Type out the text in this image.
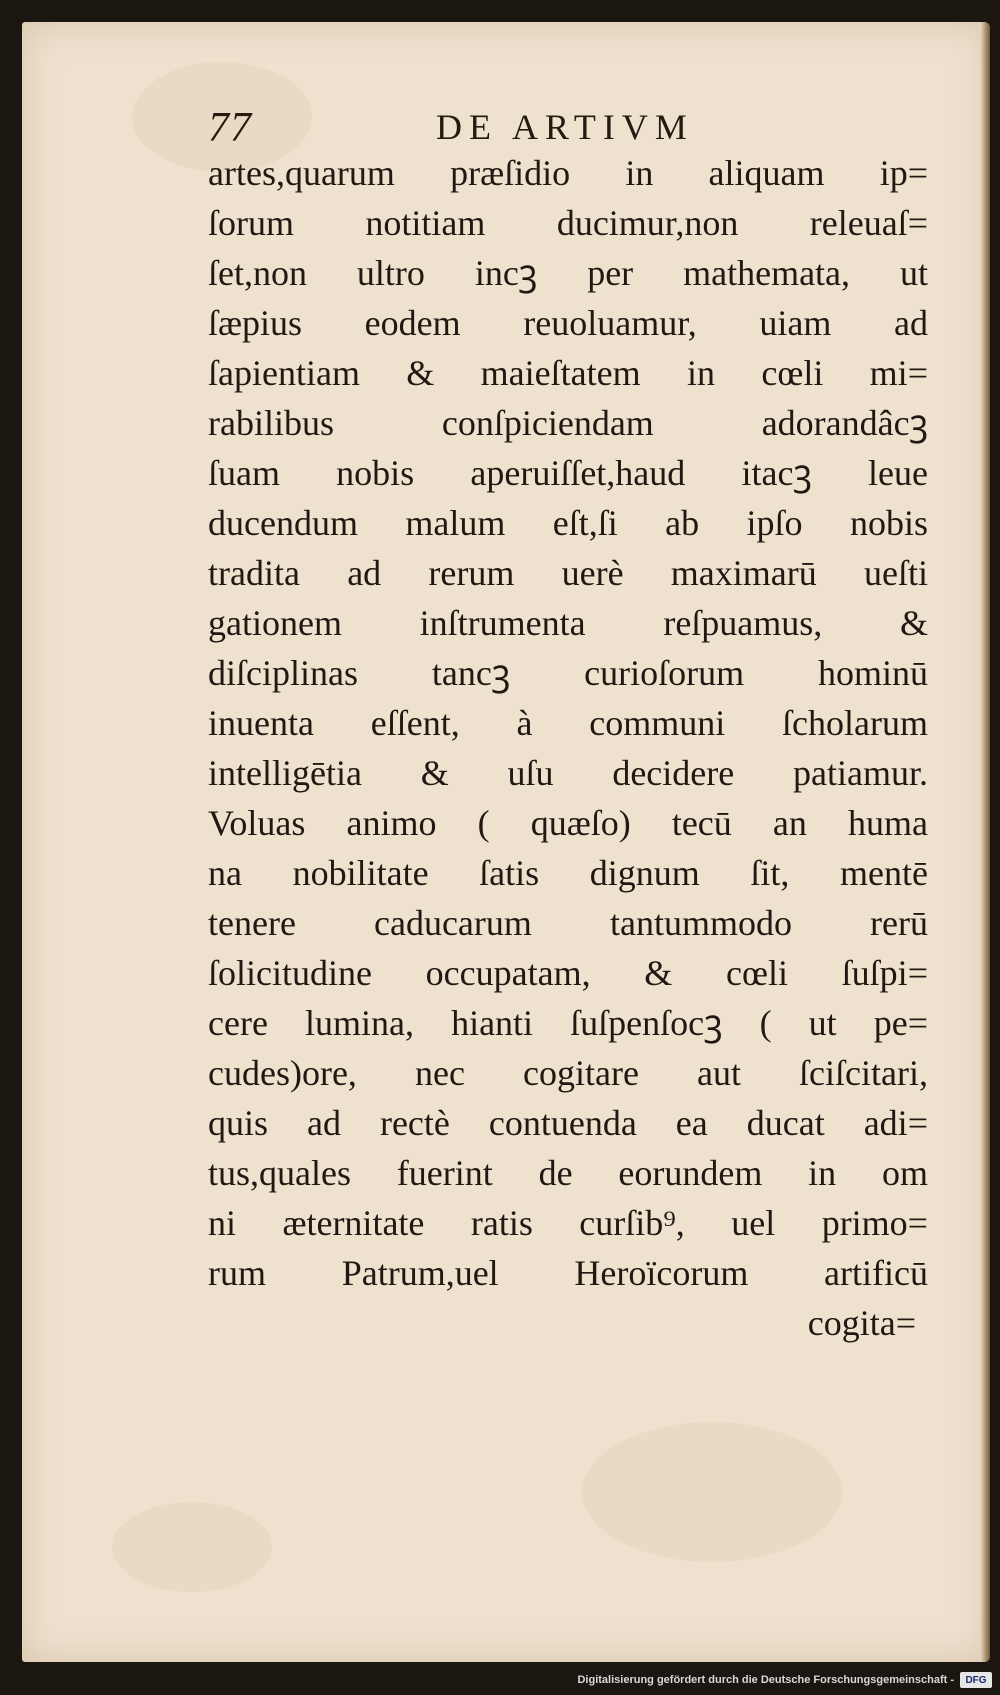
77	DE ARTIVM
artes,quarum præſidio in aliquam ip=
ſorum notitiam ducimur,non releuaſ=
ſet,non ultro incꝫ per mathemata, ut
ſæpius eodem reuoluamur, uiam ad
ſapientiam & maieſtatem in cœli mi=
rabilibus conſpiciendam adorandâcꝫ
ſuam nobis aperuiſſet,haud itacꝫ leue
ducendum malum eſt,ſi ab ipſo nobis
tradita ad rerum uerè maximarū ueſti
gationem inſtrumenta reſpuamus, &
diſciplinas tancꝫ curioſorum hominū
inuenta eſſent, à communi ſcholarum
intelligētia & uſu decidere patiamur.
Voluas animo ( quæſo) tecū an huma
na nobilitate ſatis dignum ſit, mentē
tenere caducarum tantummodo rerū
ſolicitudine occupatam, & cœli ſuſpi=
cere lumina, hianti ſuſpenſocꝫ ( ut pe=
cudes)ore, nec cogitare aut ſciſcitari,
quis ad rectè contuenda ea ducat adi=
tus,quales fuerint de eorundem in om
ni æternitate ratis curſib⁹, uel primo=
rum Patrum,uel Heroïcorum artificū
cogita=
Digitalisierung gefördert durch die Deutsche Forschungsgemeinschaft -	DFG
